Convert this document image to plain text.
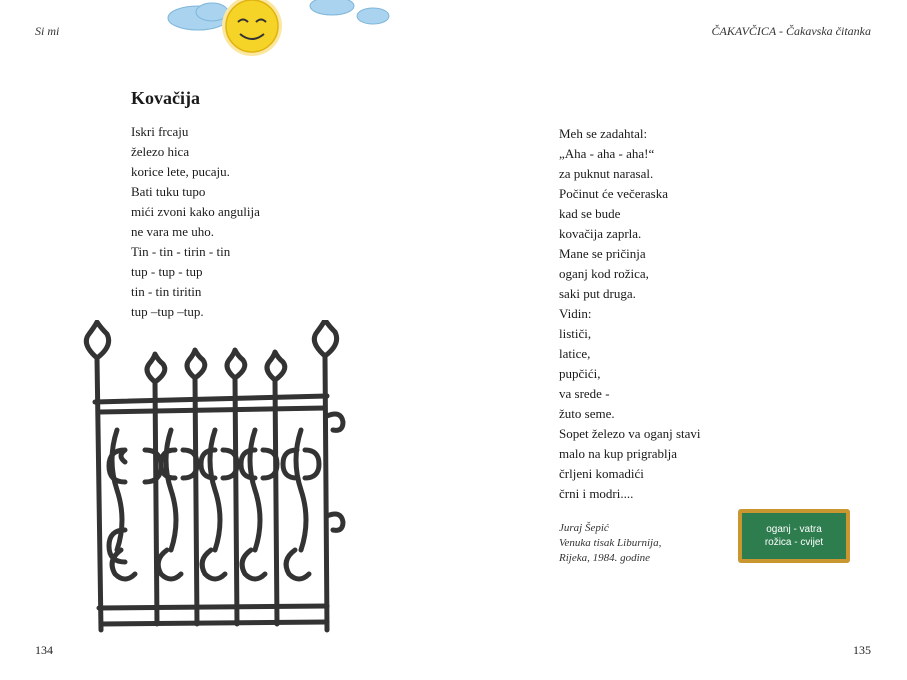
Si mi	ČAKAVČICA - Čakavska čitanka
Kovačija
Iskri frcaju
železo hica
korice lete, pucaju.
Bati tuku tupo
mići zvoni kako angulija
ne vara me uho.
Tin - tin - tirin - tin
tup - tup - tup
tin - tin tiritin
tup –tup –tup.
Meh se zadahtal:
„Aha - aha - aha!“
za puknut narasal.
Počinut će večeraska
kad se bude
kovačija zaprla.
Mane se pričinja
oganj kod rožica,
saki put druga.
Vidin:
lističi,
latice,
pupčići,
va srede -
žuto seme.
Sopet železo va oganj stavi
malo na kup prigrablja
črljeni komadići
črni i modri....
Juraj Šepić
Venuka tisak Liburnija,
Rijeka, 1984. godine
oganj - vatra
rožica - cvijet
134	135
